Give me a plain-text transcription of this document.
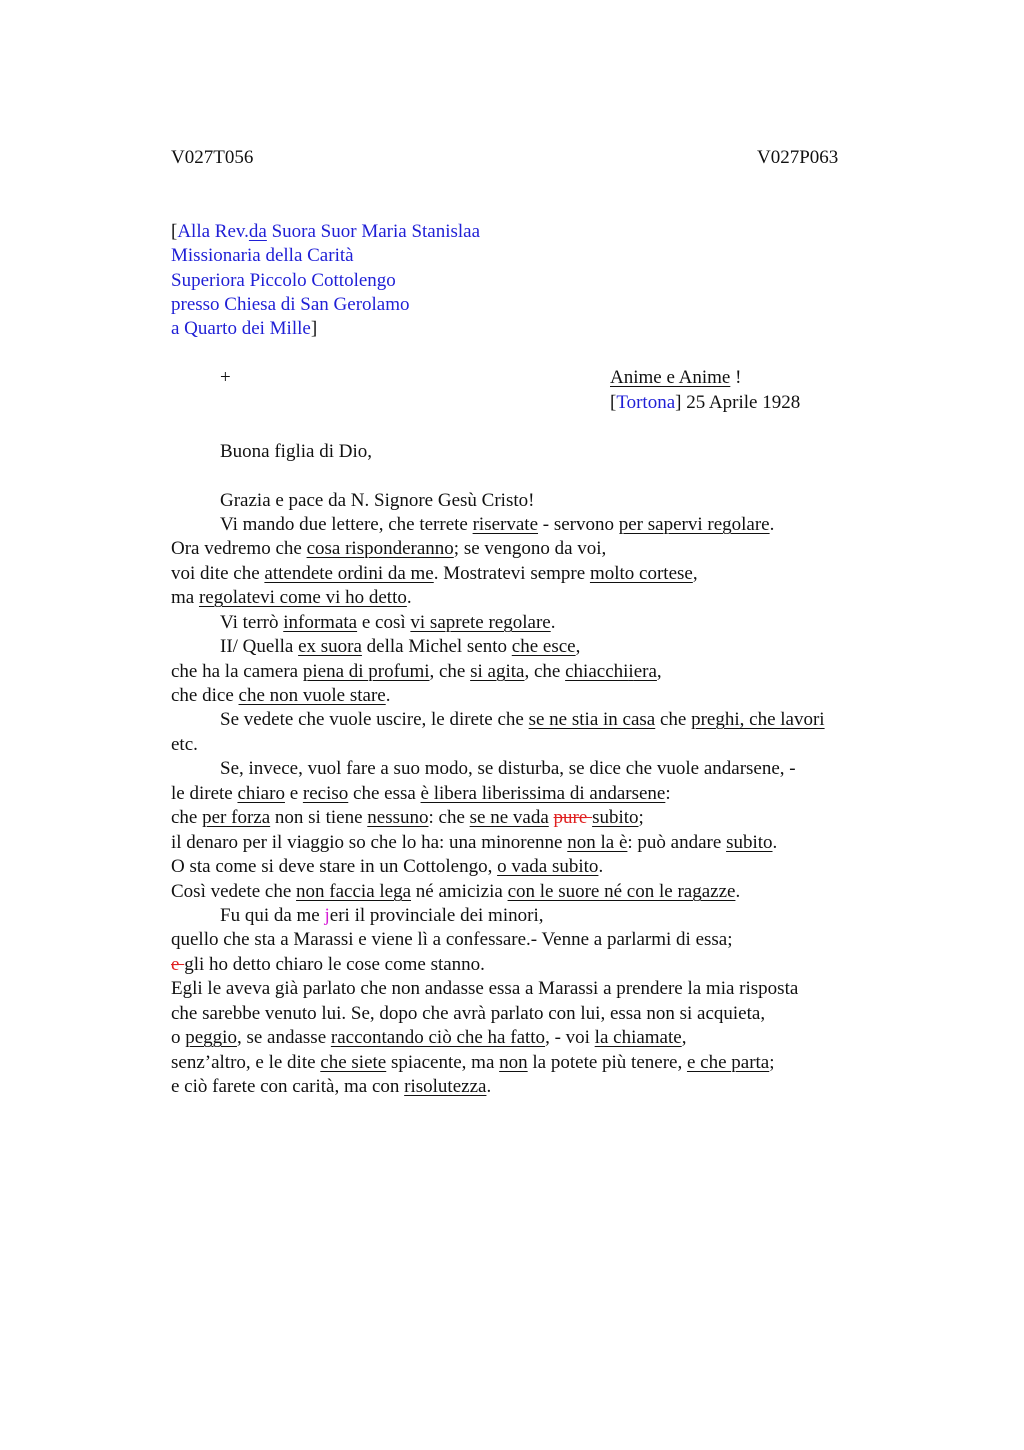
V027T056	V027P063
[Alla Rev.da Suora Suor Maria Stanislaa
Missionaria della Carità
Superiora Piccolo Cottolengo
presso Chiesa di San Gerolamo
a Quarto dei Mille]
+	Anime e Anime !
[Tortona] 25 Aprile 1928
Buona figlia di Dio,
Grazia e pace da N. Signore Gesù Cristo!
Vi mando due lettere, che terrete riservate - servono per sapervi regolare.
Ora vedremo che cosa risponderanno; se vengono da voi,
voi dite che attendete ordini da me. Mostratevi sempre molto cortese,
ma regolatevi come vi ho detto.
Vi terrò informata e così vi saprete regolare.
II/ Quella ex suora della Michel sento che esce,
che ha la camera piena di profumi, che si agita, che chiacchiiera,
che dice che non vuole stare.
Se vedete che vuole uscire, le direte che se ne stia in casa che preghi, che lavori
etc.
Se, invece, vuol fare a suo modo, se disturba, se dice che vuole andarsene, -
le direte chiaro e reciso che essa è libera liberissima di andarsene:
che per forza non si tiene nessuno: che se ne vada pure subito;
il denaro per il viaggio so che lo ha: una minorenne non la è: può andare subito.
O sta come si deve stare in un Cottolengo, o vada subito.
Così vedete che non faccia lega né amicizia con le suore né con le ragazze.
Fu qui da me jeri il provinciale dei minori,
quello che sta a Marassi e viene lì a confessare.- Venne a parlarmi di essa;
e gli ho detto chiaro le cose come stanno.
Egli le aveva già parlato che non andasse essa a Marassi a prendere la mia risposta
che sarebbe venuto lui. Se, dopo che avrà parlato con lui, essa non si acquieta,
o peggio, se andasse raccontando ciò che ha fatto, - voi la chiamate,
senz’altro, e le dite che siete spiacente, ma non la potete più tenere, e che parta;
e ciò farete con carità, ma con risolutezza.
